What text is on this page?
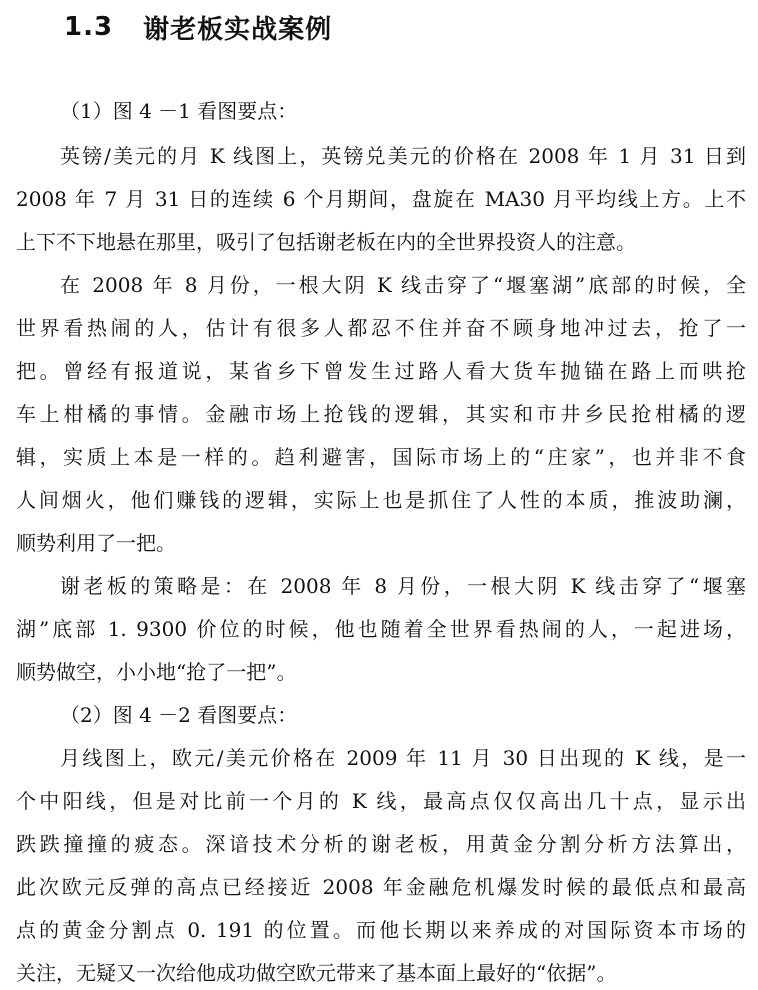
1.3 谢老板实战案例
（1）图 4 －1 看图要点：
英镑/美元的月 K 线图上，英镑兑美元的价格在 2008 年 1 月 31 日到
2008 年 7 月 31 日的连续 6 个月期间，盘旋在 MA30 月平均线上方。上不
上下不下地悬在那里，吸引了包括谢老板在内的全世界投资人的注意。
在 2008 年 8 月份，一根大阴 K 线击穿了“堰塞湖”底部的时候，全
世界看热闹的人，估计有很多人都忍不住并奋不顾身地冲过去，抢了一
把。曾经有报道说，某省乡下曾发生过路人看大货车抛锚在路上而哄抢
车上柑橘的事情。金融市场上抢钱的逻辑，其实和市井乡民抢柑橘的逻
辑，实质上本是一样的。趋利避害，国际市场上的“庄家”，也并非不食
人间烟火，他们赚钱的逻辑，实际上也是抓住了人性的本质，推波助澜，
顺势利用了一把。
谢老板的策略是：在 2008 年 8 月份，一根大阴 K 线击穿了“堰塞
湖”底部 1. 9300 价位的时候，他也随着全世界看热闹的人，一起进场，
顺势做空，小小地“抢了一把”。
（2）图 4 －2 看图要点：
月线图上，欧元/美元价格在 2009 年 11 月 30 日出现的 K 线，是一
个中阳线，但是对比前一个月的 K 线，最高点仅仅高出几十点，显示出
跌跌撞撞的疲态。深谙技术分析的谢老板，用黄金分割分析方法算出，
此次欧元反弹的高点已经接近 2008 年金融危机爆发时候的最低点和最高
点的黄金分割点 0. 191 的位置。而他长期以来养成的对国际资本市场的
关注，无疑又一次给他成功做空欧元带来了基本面上最好的“依据”。
